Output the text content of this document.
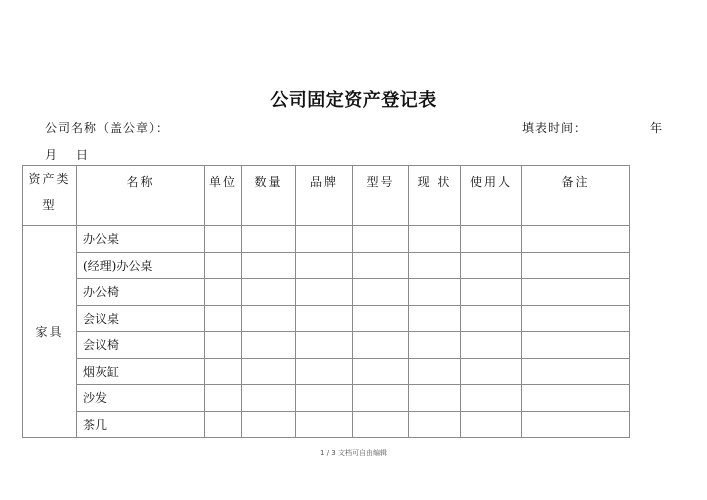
公司固定资产登记表
公司名称（盖公章）：	填表时间：	年
月 日
资产类型	名称	单位	数量	品牌	型号	现 状	使用人	备注
家具	办公桌							
	(经理)办公桌							
	办公椅							
	会议桌							
	会议椅							
	烟灰缸							
	沙发							
	茶几							
1 / 3 文档可自由编辑
